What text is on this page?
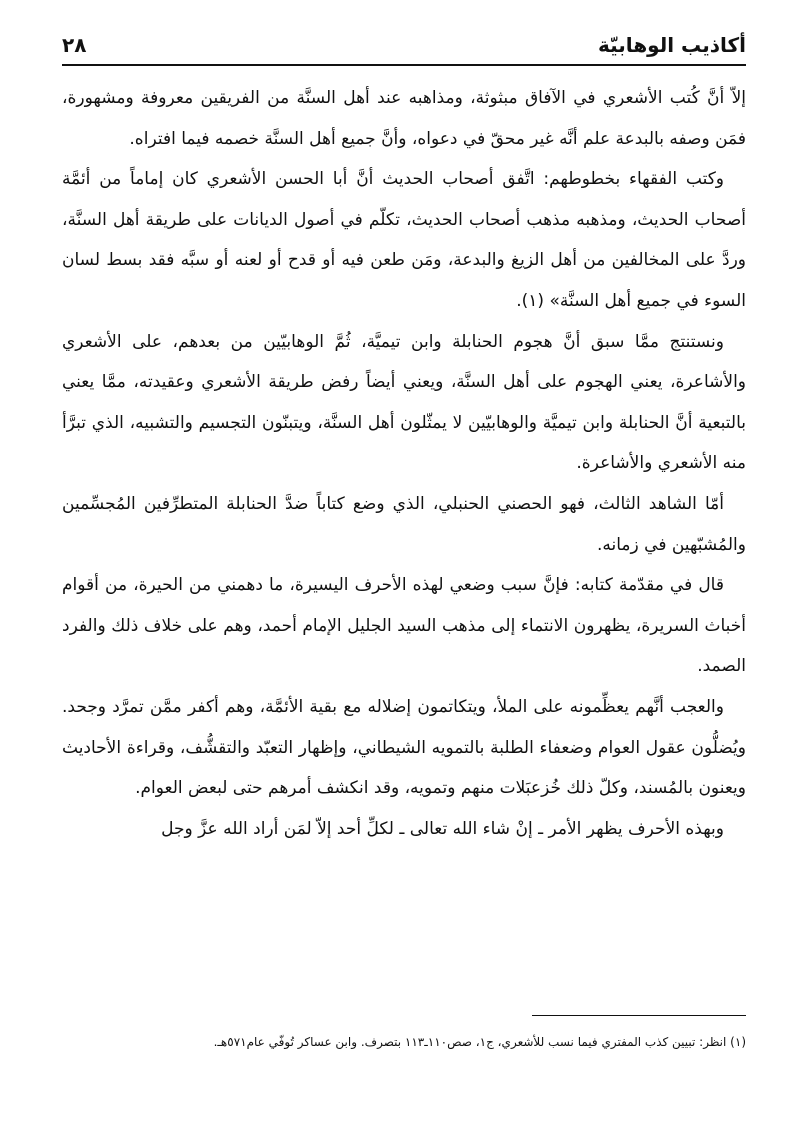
أكاذيب الوهابيّة
٢٨

إلاّ أنَّ كُتب الأشعري في الآفاق مبثوثة، ومذاهبه عند أهل السنَّة من الفريقين معروفة ومشهورة، فمَن وصفه بالبدعة علم أنَّه غير محقّ في دعواه، وأنَّ جميع أهل السنَّة خصمه فيما افتراه.

وكتب الفقهاء بخطوطهم: اتَّفق أصحاب الحديث أنَّ أبا الحسن الأشعري كان إماماً من أئمَّة أصحاب الحديث، ومذهبه مذهب أصحاب الحديث، تكلّم في أصول الديانات على طريقة أهل السنَّة، وردَّ على المخالفين من أهل الزيغ والبدعة، ومَن طعن فيه أو قدح أو لعنه أو سبَّه فقد بسط لسان السوء في جميع أهل السنَّة» (١).

ونستنتج ممَّا سبق أنَّ هجوم الحنابلة وابن تيميَّة، ثُمَّ الوهابيّين من بعدهم، على الأشعري والأشاعرة، يعني الهجوم على أهل السنَّة، ويعني أيضاً رفض طريقة الأشعري وعقيدته، ممَّا يعني بالتبعية أنَّ الحنابلة وابن تيميَّة والوهابيّين لا يمثّلون أهل السنَّة، ويتبنّون التجسيم والتشبيه، الذي تبرَّأ منه الأشعري والأشاعرة.

أمّا الشاهد الثالث، فهو الحصني الحنبلي، الذي وضع كتاباً ضدَّ الحنابلة المتطرِّفين المُجسِّمين والمُشبّهين في زمانه.

قال في مقدّمة كتابه: فإنَّ سبب وضعي لهذه الأحرف اليسيرة، ما دهمني من الحيرة، من أقوام أخباث السريرة، يظهرون الانتماء إلى مذهب السيد الجليل الإمام أحمد، وهم على خلاف ذلك والفرد الصمد.

والعجب أنَّهم يعظِّمونه على الملأ، ويتكاتمون إضلاله مع بقية الأئمَّة، وهم أكفر ممَّن تمرَّد وجحد. ويُضلُّون عقول العوام وضعفاء الطلبة بالتمويه الشيطاني، وإظهار التعبّد والتقشُّف، وقراءة الأحاديث ويعنون بالمُسند، وكلّ ذلك خُزعبَلات منهم وتمويه، وقد انكشف أمرهم حتى لبعض العوام.

وبهذه الأحرف يظهر الأمر ـ إنْ شاء الله تعالى ـ لكلِّ أحد إلاّ لمَن أراد الله عزَّ وجل

(١) انظر: تبيين كذب المفتري فيما نسب للأشعري، ج١، صص١١٠ـ١١٣ بتصرف. وابن عساكر تُوفّي عام٥٧١هـ.
